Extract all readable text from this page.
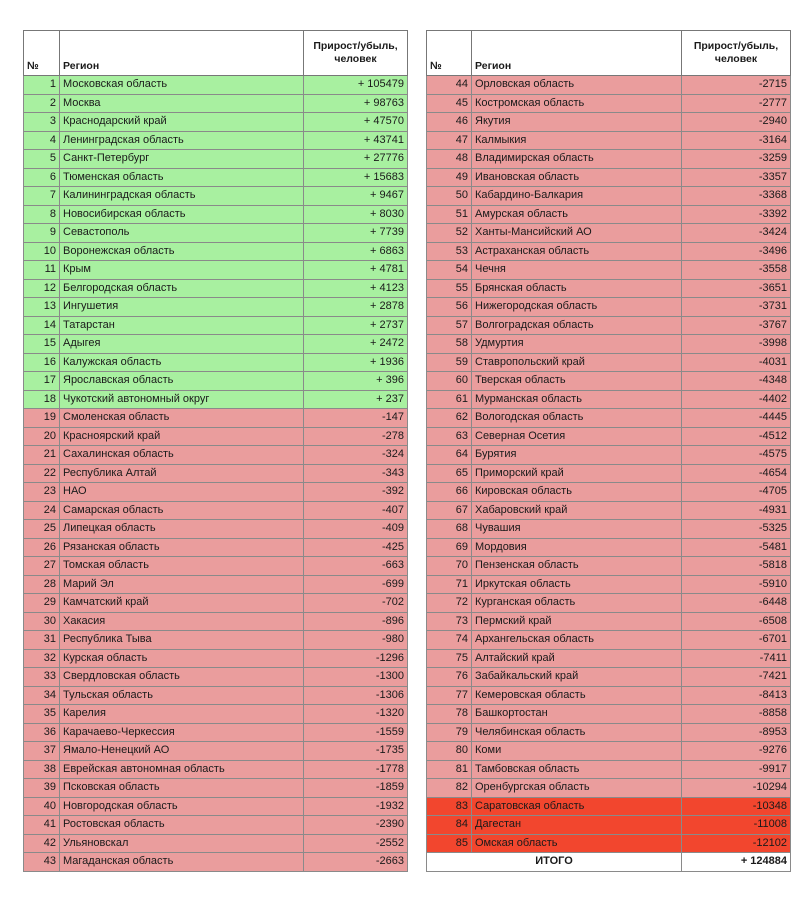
№	Регион	Прирост/убыль, человек
1	Московская область	+ 105479
2	Москва	+ 98763
3	Краснодарский край	+ 47570
4	Ленинградская область	+ 43741
5	Санкт-Петербург	+ 27776
6	Тюменская область	+ 15683
7	Калининградская область	+ 9467
8	Новосибирская область	+ 8030
9	Севастополь	+ 7739
10	Воронежская область	+ 6863
11	Крым	+ 4781
12	Белгородская область	+ 4123
13	Ингушетия	+ 2878
14	Татарстан	+ 2737
15	Адыгея	+ 2472
16	Калужская область	+ 1936
17	Ярославская область	+ 396
18	Чукотский автономный округ	+ 237
19	Смоленская область	-147
20	Красноярский край	-278
21	Сахалинская область	-324
22	Республика Алтай	-343
23	НАО	-392
24	Самарская область	-407
25	Липецкая область	-409
26	Рязанская область	-425
27	Томская область	-663
28	Марий Эл	-699
29	Камчатский край	-702
30	Хакасия	-896
31	Республика Тыва	-980
32	Курская область	-1296
33	Свердловская область	-1300
34	Тульская область	-1306
35	Карелия	-1320
36	Карачаево-Черкессия	-1559
37	Ямало-Ненецкий АО	-1735
38	Еврейская автономная область	-1778
39	Псковская область	-1859
40	Новгородская область	-1932
41	Ростовская область	-2390
42	Ульяновскал	-2552
43	Магаданская область	-2663
№	Регион	Прирост/убыль, человек
44	Орловская область	-2715
45	Костромская область	-2777
46	Якутия	-2940
47	Калмыкия	-3164
48	Владимирская область	-3259
49	Ивановская область	-3357
50	Кабардино-Балкария	-3368
51	Амурская область	-3392
52	Ханты-Мансийский АО	-3424
53	Астраханская область	-3496
54	Чечня	-3558
55	Брянская область	-3651
56	Нижегородская область	-3731
57	Волгоградская область	-3767
58	Удмуртия	-3998
59	Ставропольский край	-4031
60	Тверская область	-4348
61	Мурманская область	-4402
62	Вологодская область	-4445
63	Северная Осетия	-4512
64	Бурятия	-4575
65	Приморский край	-4654
66	Кировская область	-4705
67	Хабаровский край	-4931
68	Чувашия	-5325
69	Мордовия	-5481
70	Пензенская область	-5818
71	Иркутская область	-5910
72	Курганская область	-6448
73	Пермский край	-6508
74	Архангельская область	-6701
75	Алтайский край	-7411
76	Забайкальский край	-7421
77	Кемеровская область	-8413
78	Башкортостан	-8858
79	Челябинская область	-8953
80	Коми	-9276
81	Тамбовская область	-9917
82	Оренбургская область	-10294
83	Саратовская область	-10348
84	Дагестан	-11008
85	Омская область	-12102
ИТОГО		+ 124884
